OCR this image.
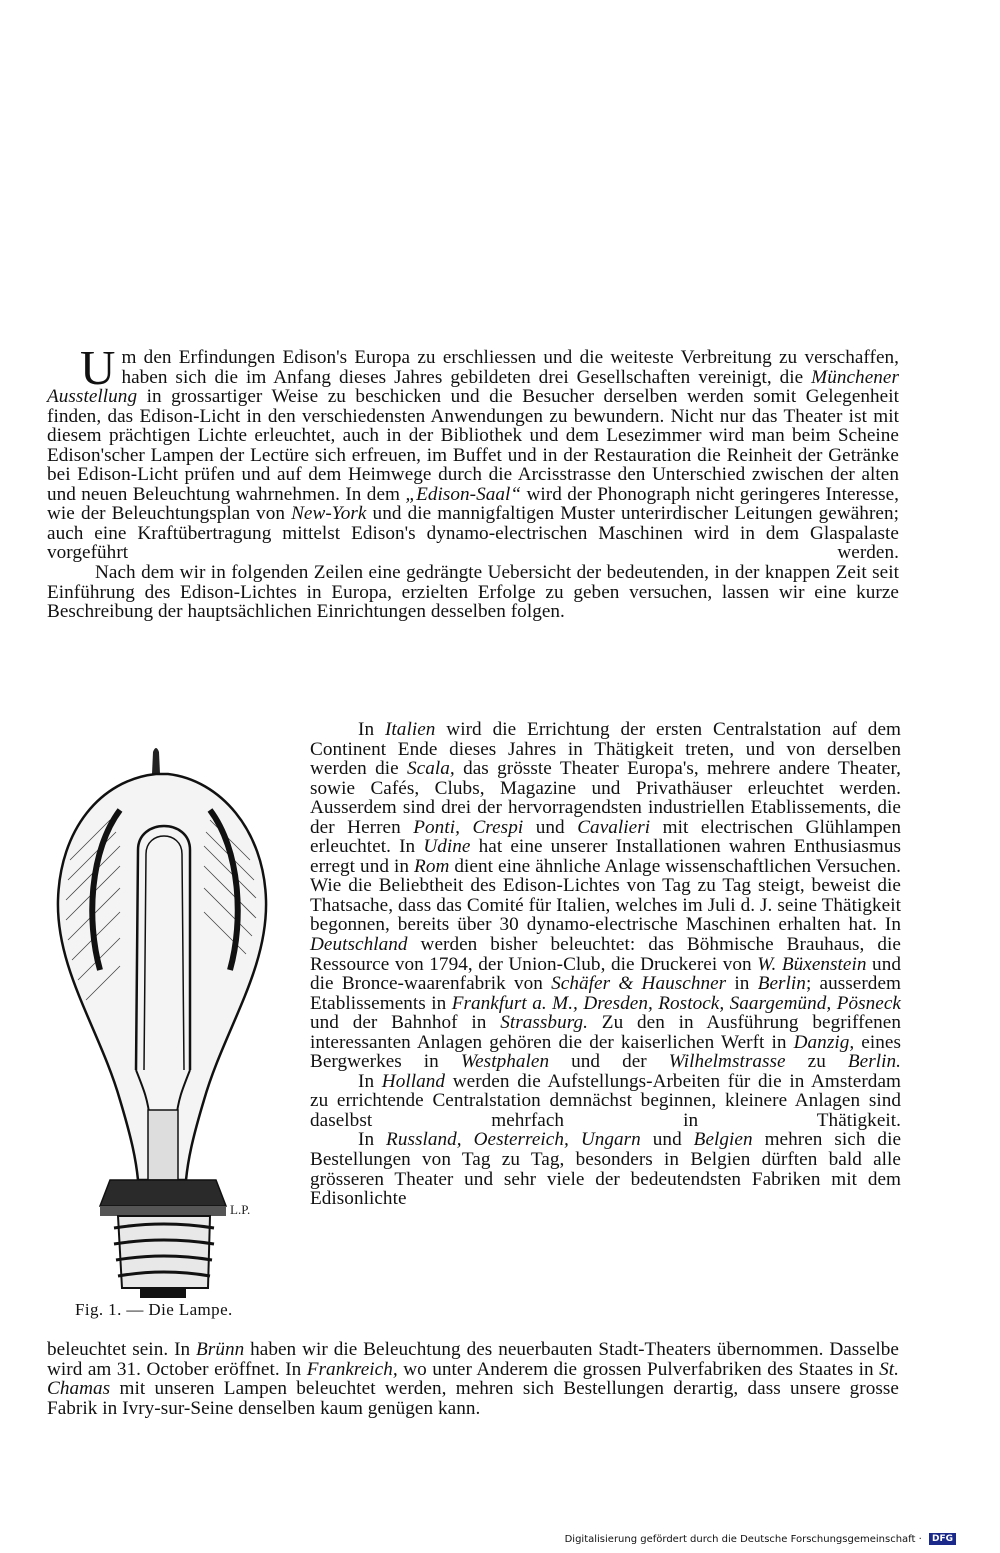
Um den Erfindungen Edison's Europa zu erschliessen und die weiteste Verbreitung zu verschaffen, haben sich die im Anfang dieses Jahres gebildeten drei Gesellschaften vereinigt, die Münchener Ausstellung in grossartiger Weise zu beschicken und die Besucher derselben werden somit Gelegenheit finden, das Edison-Licht in den verschiedensten Anwendungen zu bewundern. Nicht nur das Theater ist mit diesem prächtigen Lichte erleuchtet, auch in der Bibliothek und dem Lesezimmer wird man beim Scheine Edison'scher Lampen der Lectüre sich erfreuen, im Buffet und in der Restauration die Reinheit der Getränke bei Edison-Licht prüfen und auf dem Heimwege durch die Arcisstrasse den Unterschied zwischen der alten und neuen Beleuchtung wahrnehmen. In dem „Edison-Saal“ wird der Phonograph nicht geringeres Interesse, wie der Beleuchtungsplan von New-York und die mannigfaltigen Muster unterirdischer Leitungen gewähren; auch eine Kraftübertragung mittelst Edison's dynamo-electrischen Maschinen wird in dem Glaspalaste vorgeführt werden.

Nach dem wir in folgenden Zeilen eine gedrängte Uebersicht der bedeutenden, in der knappen Zeit seit Einführung des Edison-Lichtes in Europa, erzielten Erfolge zu geben versuchen, lassen wir eine kurze Beschreibung der hauptsächlichen Einrichtungen desselben folgen.

L.P.
Fig. 1. — Die Lampe.

In Italien wird die Errichtung der ersten Centralstation auf dem Continent Ende dieses Jahres in Thätigkeit treten, und von derselben werden die Scala, das grösste Theater Europa's, mehrere andere Theater, sowie Cafés, Clubs, Magazine und Privathäuser erleuchtet werden. Ausserdem sind drei der hervorragendsten industriellen Etablissements, die der Herren Ponti, Crespi und Cavalieri mit electrischen Glühlampen erleuchtet. In Udine hat eine unserer Installationen wahren Enthusiasmus erregt und in Rom dient eine ähnliche Anlage wissenschaftlichen Versuchen. Wie die Beliebtheit des Edison-Lichtes von Tag zu Tag steigt, beweist die Thatsache, dass das Comité für Italien, welches im Juli d. J. seine Thätigkeit begonnen, bereits über 30 dynamo-electrische Maschinen erhalten hat. In Deutschland werden bisher beleuchtet: das Böhmische Brauhaus, die Ressource von 1794, der Union-Club, die Druckerei von W. Büxenstein und die Bronce-waarenfabrik von Schäfer & Hauschner in Berlin; ausserdem Etablissements in Frankfurt a. M., Dresden, Rostock, Saargemünd, Pösneck und der Bahnhof in Strassburg. Zu den in Ausführung begriffenen interessanten Anlagen gehören die der kaiserlichen Werft in Danzig, eines Bergwerkes in Westphalen und der Wilhelmstrasse zu Berlin.

In Holland werden die Aufstellungs-Arbeiten für die in Amsterdam zu errichtende Centralstation demnächst beginnen, kleinere Anlagen sind daselbst mehrfach in Thätigkeit.

In Russland, Oesterreich, Ungarn und Belgien mehren sich die Bestellungen von Tag zu Tag, besonders in Belgien dürften bald alle grösseren Theater und sehr viele der bedeutendsten Fabriken mit dem Edisonlichte

beleuchtet sein. In Brünn haben wir die Beleuchtung des neuerbauten Stadt-Theaters übernommen. Dasselbe wird am 31. October eröffnet. In Frankreich, wo unter Anderem die grossen Pulverfabriken des Staates in St. Chamas mit unseren Lampen beleuchtet werden, mehren sich Bestellungen derartig, dass unsere grosse Fabrik in Ivry-sur-Seine denselben kaum genügen kann.

Digitalisierung gefördert durch die Deutsche Forschungsgemeinschaft · DFG
